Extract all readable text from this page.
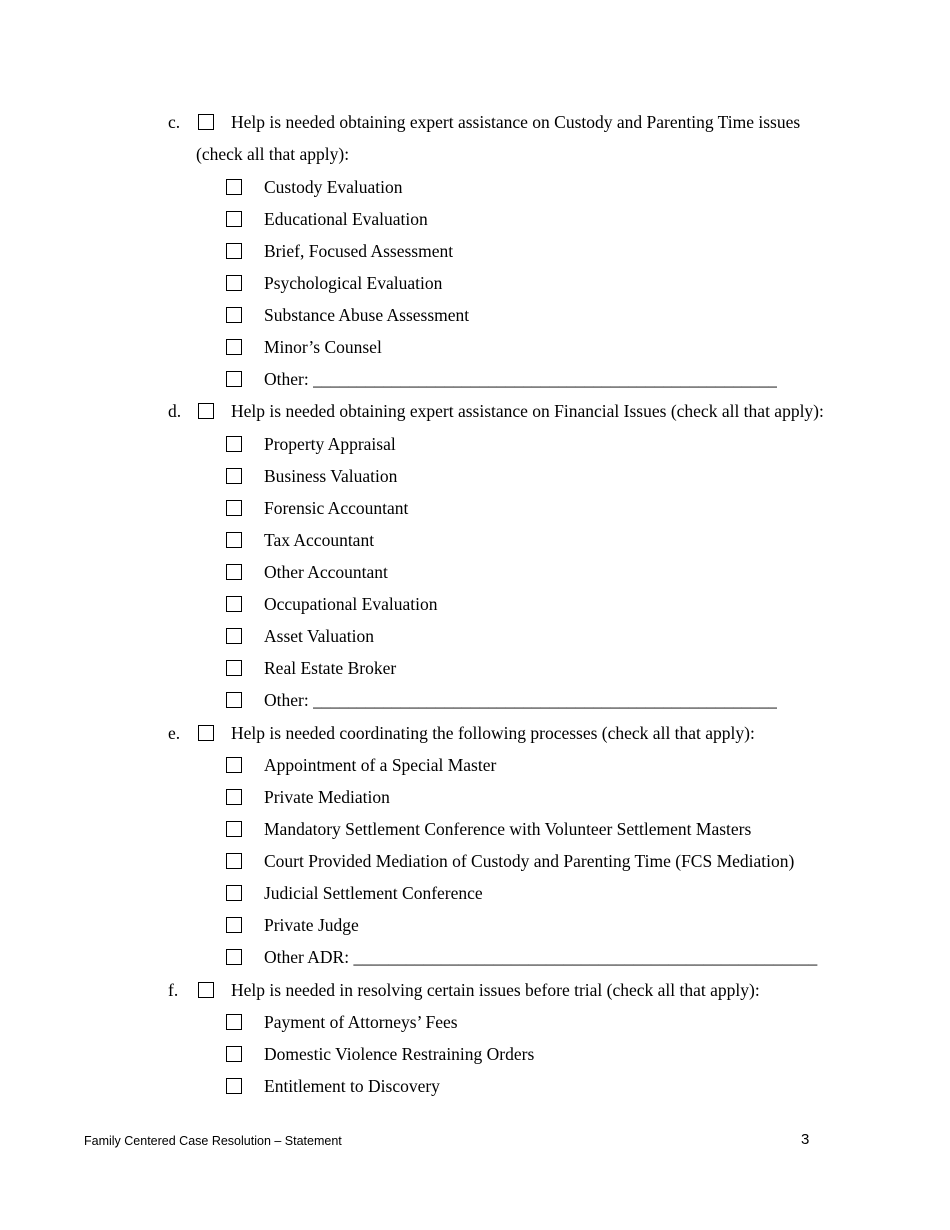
c.	Help is needed obtaining expert assistance on Custody and Parenting Time issues
(check all that apply):
Custody Evaluation
Educational Evaluation
Brief, Focused Assessment
Psychological Evaluation
Substance Abuse Assessment
Minor’s Counsel
Other: _____________________________________________________
d.	Help is needed obtaining expert assistance on Financial Issues (check all that apply):
Property Appraisal
Business Valuation
Forensic Accountant
Tax Accountant
Other Accountant
Occupational Evaluation
Asset Valuation
Real Estate Broker
Other: _____________________________________________________
e.	Help is needed coordinating the following processes (check all that apply):
Appointment of a Special Master
Private Mediation
Mandatory Settlement Conference with Volunteer Settlement Masters
Court Provided Mediation of Custody and Parenting Time (FCS Mediation)
Judicial Settlement Conference
Private Judge
Other ADR: _____________________________________________________
f.	Help is needed in resolving certain issues before trial (check all that apply):
Payment of Attorneys’ Fees
Domestic Violence Restraining Orders
Entitlement to Discovery
Family Centered Case Resolution – Statement	3
